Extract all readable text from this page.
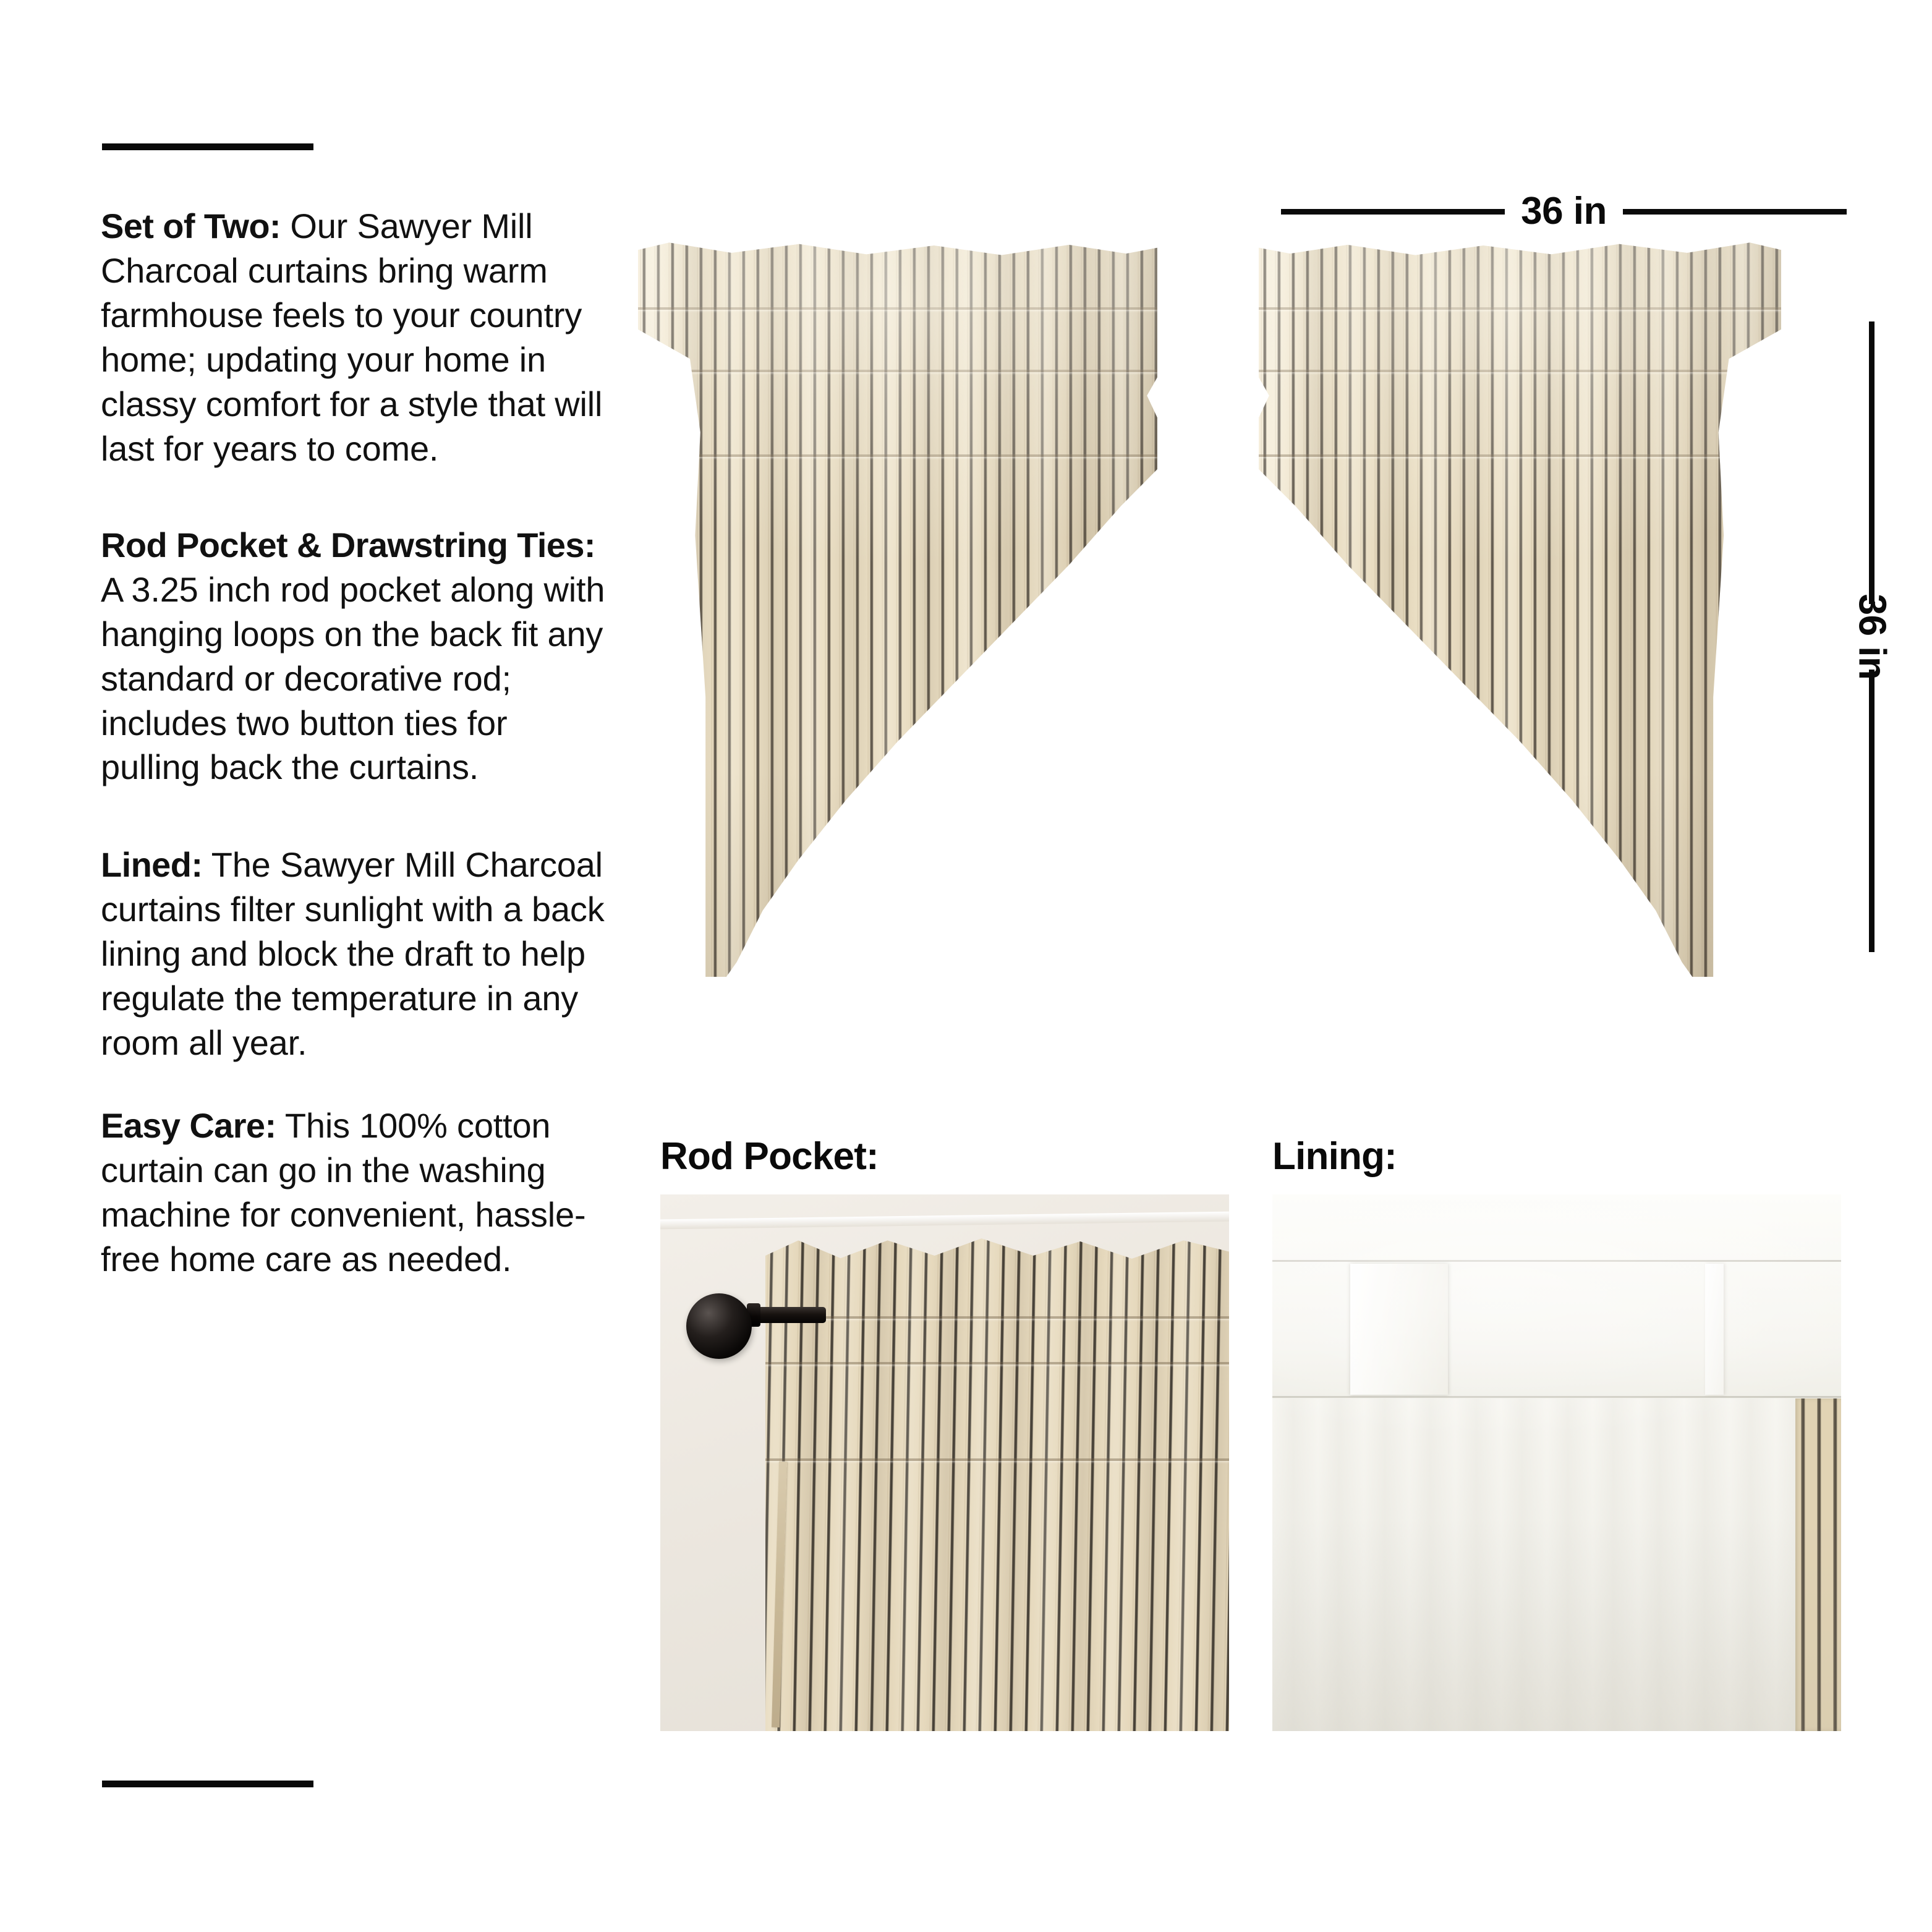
Set of Two: Our Sawyer Mill Charcoal curtains bring warm farmhouse feels to your country home; updating your home in classy comfort for a style that will last for years to come.

Rod Pocket & Drawstring Ties:
A 3.25 inch rod pocket along with hanging loops on the back fit any standard or decorative rod; includes two button ties for pulling back the curtains.

Lined: The Sawyer Mill Charcoal curtains filter sunlight with a back lining and block the draft to help regulate the temperature in any room all year.

Easy Care: This 100% cotton curtain can go in the washing machine for convenient, hassle-free home care as needed.

36 in
36 in
Rod Pocket:	Lining:
